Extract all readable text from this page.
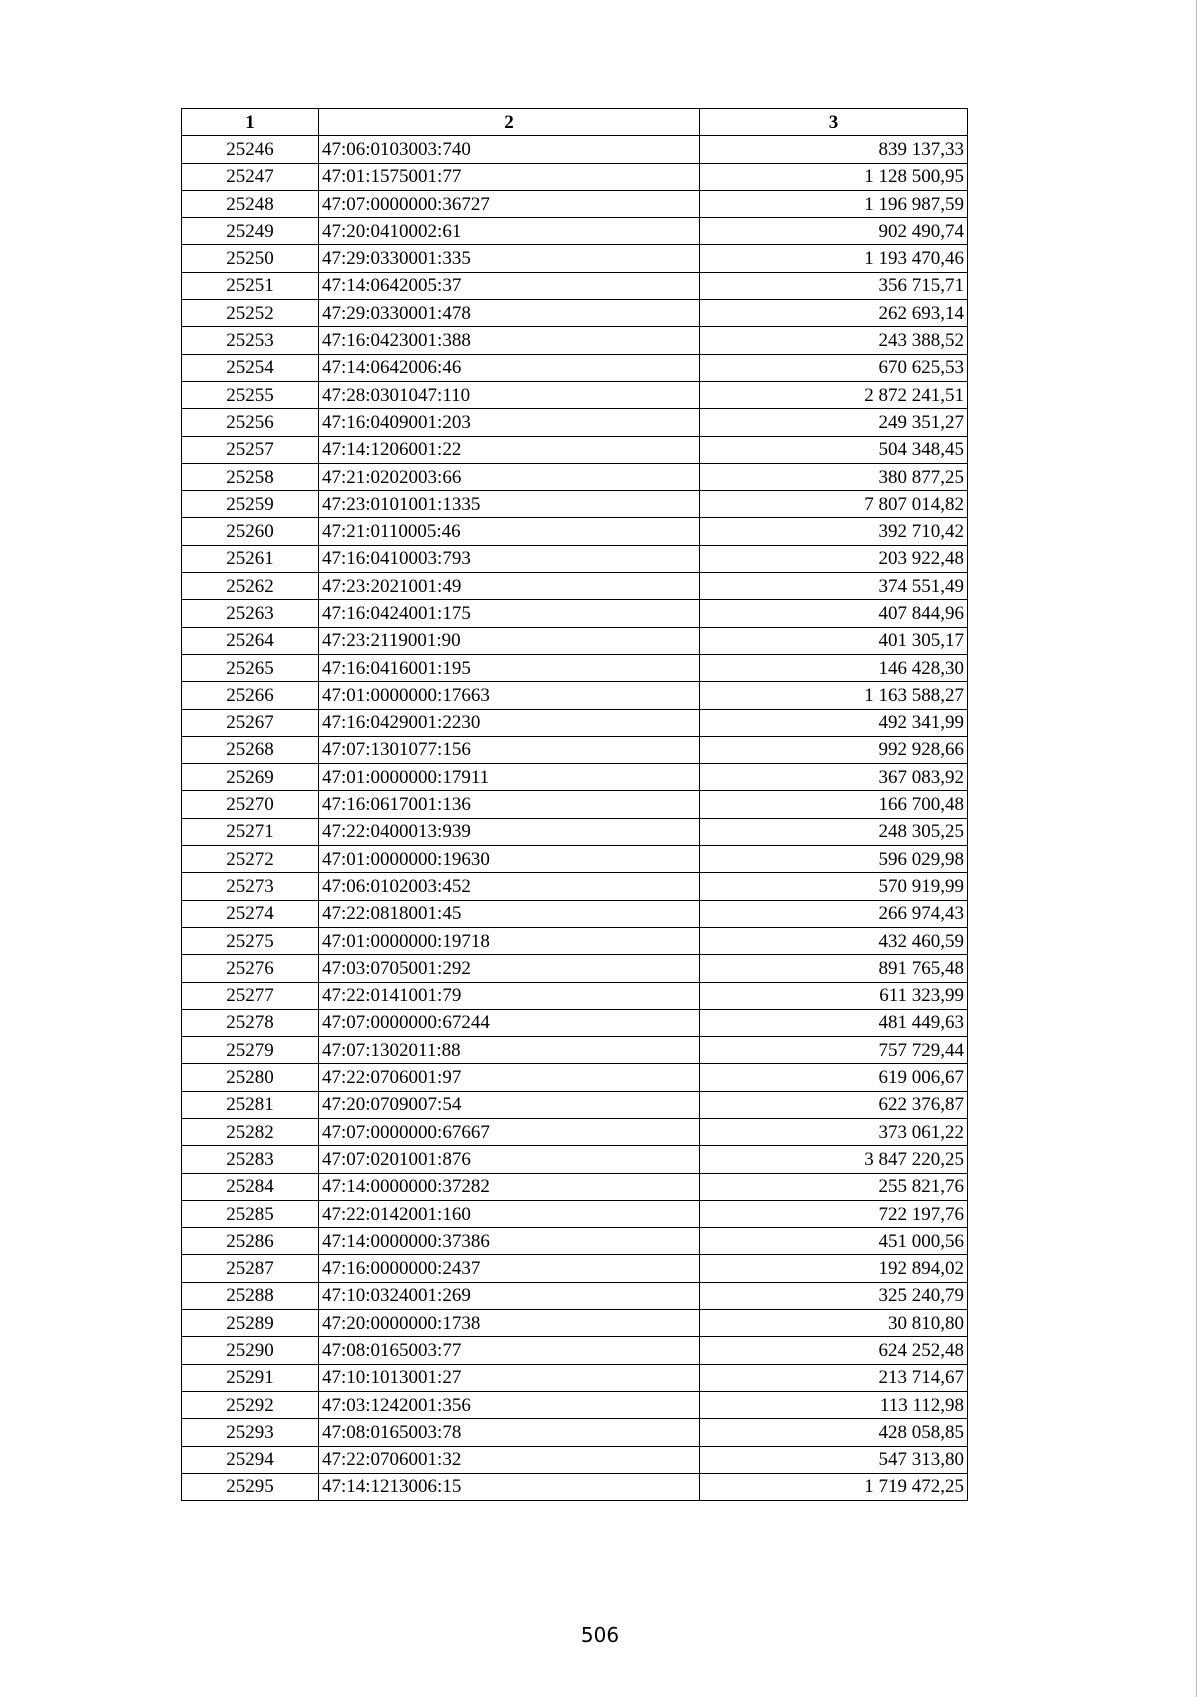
1	2	3
25246	47:06:0103003:740	839 137,33
25247	47:01:1575001:77	1 128 500,95
25248	47:07:0000000:36727	1 196 987,59
25249	47:20:0410002:61	902 490,74
25250	47:29:0330001:335	1 193 470,46
25251	47:14:0642005:37	356 715,71
25252	47:29:0330001:478	262 693,14
25253	47:16:0423001:388	243 388,52
25254	47:14:0642006:46	670 625,53
25255	47:28:0301047:110	2 872 241,51
25256	47:16:0409001:203	249 351,27
25257	47:14:1206001:22	504 348,45
25258	47:21:0202003:66	380 877,25
25259	47:23:0101001:1335	7 807 014,82
25260	47:21:0110005:46	392 710,42
25261	47:16:0410003:793	203 922,48
25262	47:23:2021001:49	374 551,49
25263	47:16:0424001:175	407 844,96
25264	47:23:2119001:90	401 305,17
25265	47:16:0416001:195	146 428,30
25266	47:01:0000000:17663	1 163 588,27
25267	47:16:0429001:2230	492 341,99
25268	47:07:1301077:156	992 928,66
25269	47:01:0000000:17911	367 083,92
25270	47:16:0617001:136	166 700,48
25271	47:22:0400013:939	248 305,25
25272	47:01:0000000:19630	596 029,98
25273	47:06:0102003:452	570 919,99
25274	47:22:0818001:45	266 974,43
25275	47:01:0000000:19718	432 460,59
25276	47:03:0705001:292	891 765,48
25277	47:22:0141001:79	611 323,99
25278	47:07:0000000:67244	481 449,63
25279	47:07:1302011:88	757 729,44
25280	47:22:0706001:97	619 006,67
25281	47:20:0709007:54	622 376,87
25282	47:07:0000000:67667	373 061,22
25283	47:07:0201001:876	3 847 220,25
25284	47:14:0000000:37282	255 821,76
25285	47:22:0142001:160	722 197,76
25286	47:14:0000000:37386	451 000,56
25287	47:16:0000000:2437	192 894,02
25288	47:10:0324001:269	325 240,79
25289	47:20:0000000:1738	30 810,80
25290	47:08:0165003:77	624 252,48
25291	47:10:1013001:27	213 714,67
25292	47:03:1242001:356	113 112,98
25293	47:08:0165003:78	428 058,85
25294	47:22:0706001:32	547 313,80
25295	47:14:1213006:15	1 719 472,25
506
